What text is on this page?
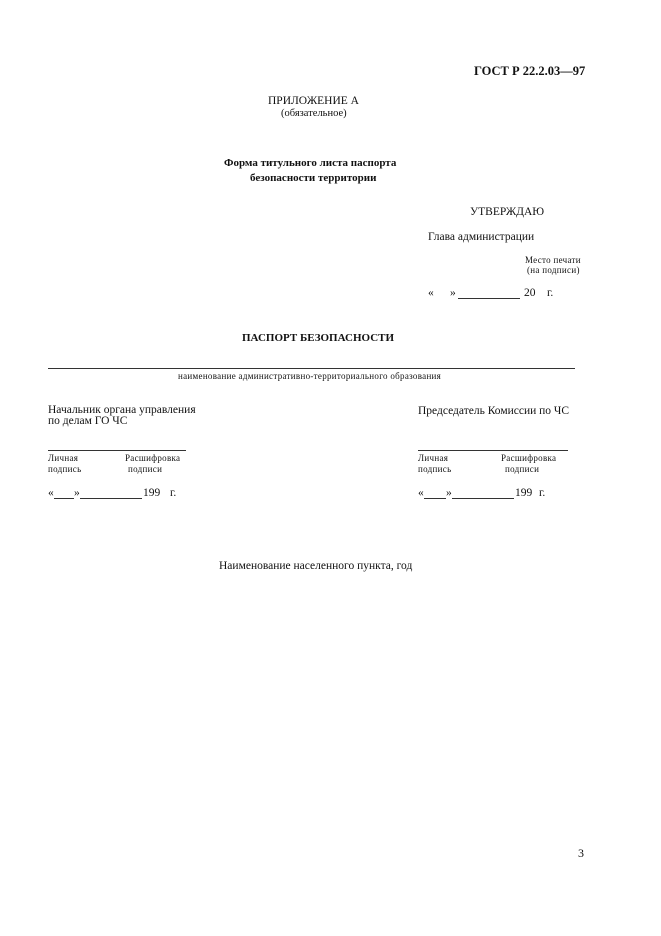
ГОСТ Р 22.2.03—97
ПРИЛОЖЕНИЕ А
(обязательное)
Форма титульного листа паспорта
безопасности территории
УТВЕРЖДАЮ
Глава администрации
Место печати
(на подписи)
« »	20 г.
ПАСПОРТ БЕЗОПАСНОСТИ
наименование административно-территориального образования
Начальник органа управления
по делам ГО ЧС
Личная
подпись
Расшифровка
подписи
« »	199 г.
Председатель Комиссии по ЧС
Личная
подпись
Расшифровка
подписи
« »	199 г.
Наименование населенного пункта, год
3
